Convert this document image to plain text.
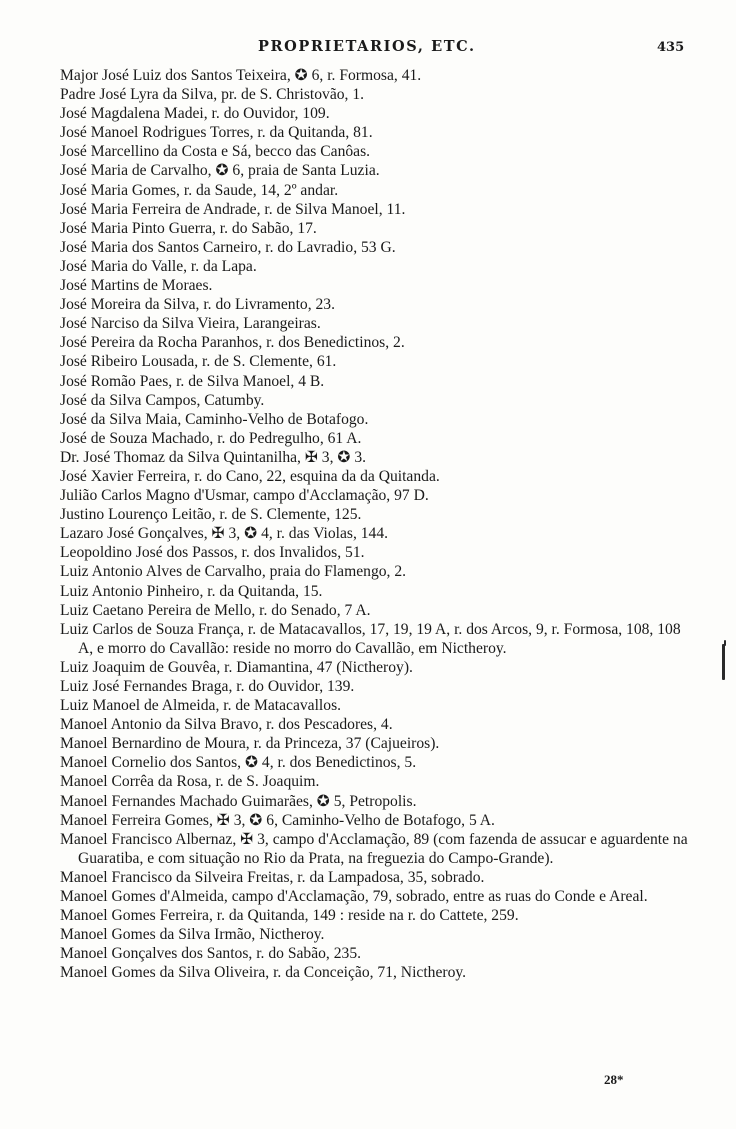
PROPRIETARIOS, ETC.	435
Major José Luiz dos Santos Teixeira, ✪ 6, r. Formosa, 41.
Padre José Lyra da Silva, pr. de S. Christovão, 1.
José Magdalena Madei, r. do Ouvidor, 109.
José Manoel Rodrigues Torres, r. da Quitanda, 81.
José Marcellino da Costa e Sá, becco das Canôas.
José Maria de Carvalho, ✪ 6, praia de Santa Luzia.
José Maria Gomes, r. da Saude, 14, 2º andar.
José Maria Ferreira de Andrade, r. de Silva Manoel, 11.
José Maria Pinto Guerra, r. do Sabão, 17.
José Maria dos Santos Carneiro, r. do Lavradio, 53 G.
José Maria do Valle, r. da Lapa.
José Martins de Moraes.
José Moreira da Silva, r. do Livramento, 23.
José Narciso da Silva Vieira, Larangeiras.
José Pereira da Rocha Paranhos, r. dos Benedictinos, 2.
José Ribeiro Lousada, r. de S. Clemente, 61.
José Romão Paes, r. de Silva Manoel, 4 B.
José da Silva Campos, Catumby.
José da Silva Maia, Caminho-Velho de Botafogo.
José de Souza Machado, r. do Pedregulho, 61 A.
Dr. José Thomaz da Silva Quintanilha, ✠ 3, ✪ 3.
José Xavier Ferreira, r. do Cano, 22, esquina da da Quitanda.
Julião Carlos Magno d'Usmar, campo d'Acclamação, 97 D.
Justino Lourenço Leitão, r. de S. Clemente, 125.
Lazaro José Gonçalves, ✠ 3, ✪ 4, r. das Violas, 144.
Leopoldino José dos Passos, r. dos Invalidos, 51.
Luiz Antonio Alves de Carvalho, praia do Flamengo, 2.
Luiz Antonio Pinheiro, r. da Quitanda, 15.
Luiz Caetano Pereira de Mello, r. do Senado, 7 A.
Luiz Carlos de Souza França, r. de Matacavallos, 17, 19, 19 A, r. dos Arcos, 9, r. Formosa, 108, 108 A, e morro do Cavallão: reside no morro do Cavallão, em Nictheroy.
Luiz Joaquim de Gouvêa, r. Diamantina, 47 (Nictheroy).
Luiz José Fernandes Braga, r. do Ouvidor, 139.
Luiz Manoel de Almeida, r. de Matacavallos.
Manoel Antonio da Silva Bravo, r. dos Pescadores, 4.
Manoel Bernardino de Moura, r. da Princeza, 37 (Cajueiros).
Manoel Cornelio dos Santos, ✪ 4, r. dos Benedictinos, 5.
Manoel Corrêa da Rosa, r. de S. Joaquim.
Manoel Fernandes Machado Guimarães, ✪ 5, Petropolis.
Manoel Ferreira Gomes, ✠ 3, ✪ 6, Caminho-Velho de Botafogo, 5 A.
Manoel Francisco Albernaz, ✠ 3, campo d'Acclamação, 89 (com fazenda de assucar e aguardente na Guaratiba, e com situação no Rio da Prata, na freguezia do Campo-Grande).
Manoel Francisco da Silveira Freitas, r. da Lampadosa, 35, sobrado.
Manoel Gomes d'Almeida, campo d'Acclamação, 79, sobrado, entre as ruas do Conde e Areal.
Manoel Gomes Ferreira, r. da Quitanda, 149 : reside na r. do Cattete, 259.
Manoel Gomes da Silva Irmão, Nictheroy.
Manoel Gonçalves dos Santos, r. do Sabão, 235.
Manoel Gomes da Silva Oliveira, r. da Conceição, 71, Nictheroy.
28*
